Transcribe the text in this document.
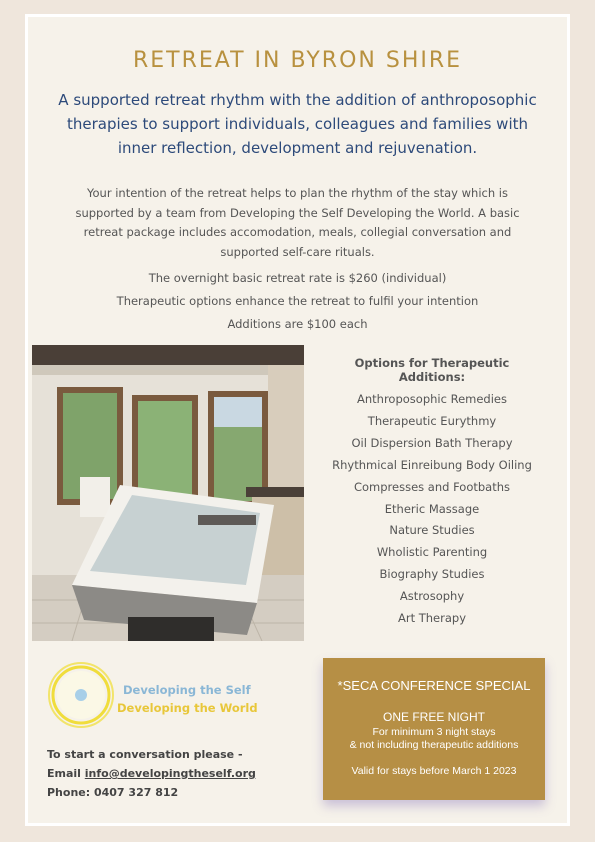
RETREAT IN BYRON SHIRE
A supported retreat rhythm with the addition of anthroposophic therapies to support individuals, colleagues and families with inner reflection, development and rejuvenation.
Your intention of the retreat helps to plan the rhythm of the stay which is supported by a team from Developing the Self Developing the World. A basic retreat package includes accomodation, meals, collegial conversation and supported self-care rituals.
The overnight basic retreat rate is $260 (individual)
Therapeutic options enhance the retreat to fulfil your intention
Additions are $100 each
Options for Therapeutic Additions:
Anthroposophic Remedies
Therapeutic Eurythmy
Oil Dispersion Bath Therapy
Rhythmical Einreibung Body Oiling
Compresses and Footbaths
Etheric Massage
Nature Studies
Wholistic Parenting
Biography Studies
Astrosophy
Art Therapy
Developing the Self
Developing the World
To start a conversation please -
Email info@developingtheself.org
Phone: 0407 327 812
*SECA CONFERENCE SPECIAL
ONE FREE NIGHT
For minimum 3 night stays
& not including therapeutic additions
Valid for stays before March 1 2023
